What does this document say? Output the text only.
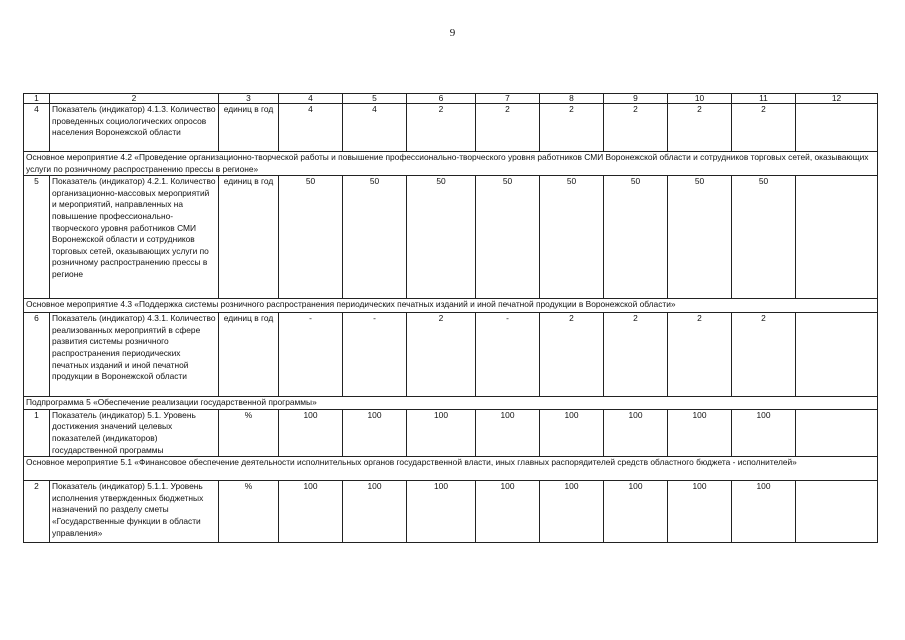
9
1	2	3	4	5	6	7	8	9	10	11	12
4	Показатель (индикатор) 4.1.3. Количество проведенных социологических опросов населения Воронежской области	единиц в год	4	4	2	2	2	2	2	2	
Основное мероприятие 4.2 «Проведение организационно-творческой работы и повышение профессионально-творческого уровня работников СМИ Воронежской области и сотрудников торговых сетей, оказывающих услуги по розничному распространению прессы в регионе»											
5	Показатель (индикатор) 4.2.1. Количество организационно-массовых мероприятий и мероприятий, направленных на повышение профессионально-творческого уровня работников СМИ Воронежской области и сотрудников торговых сетей, оказывающих услуги по розничному распространению прессы в регионе	единиц в год	50	50	50	50	50	50	50	50	
Основное мероприятие 4.3 «Поддержка системы розничного распространения периодических печатных изданий и иной печатной продукции в Воронежской области»											
6	Показатель (индикатор) 4.3.1. Количество реализованных мероприятий в сфере развития системы розничного распространения периодических печатных изданий и иной печатной продукции в Воронежской области	единиц в год	-	-	2	-	2	2	2	2	
Подпрограмма 5 «Обеспечение реализации государственной программы»											
1	Показатель (индикатор) 5.1. Уровень достижения значений целевых показателей (индикаторов) государственной программы	%	100	100	100	100	100	100	100	100	
Основное мероприятие 5.1 «Финансовое обеспечение деятельности исполнительных органов государственной власти, иных главных распорядителей средств областного бюджета - исполнителей»											
2	Показатель (индикатор) 5.1.1. Уровень исполнения утвержденных бюджетных назначений по разделу сметы «Государственные функции в области управления»	%	100	100	100	100	100	100	100	100	
